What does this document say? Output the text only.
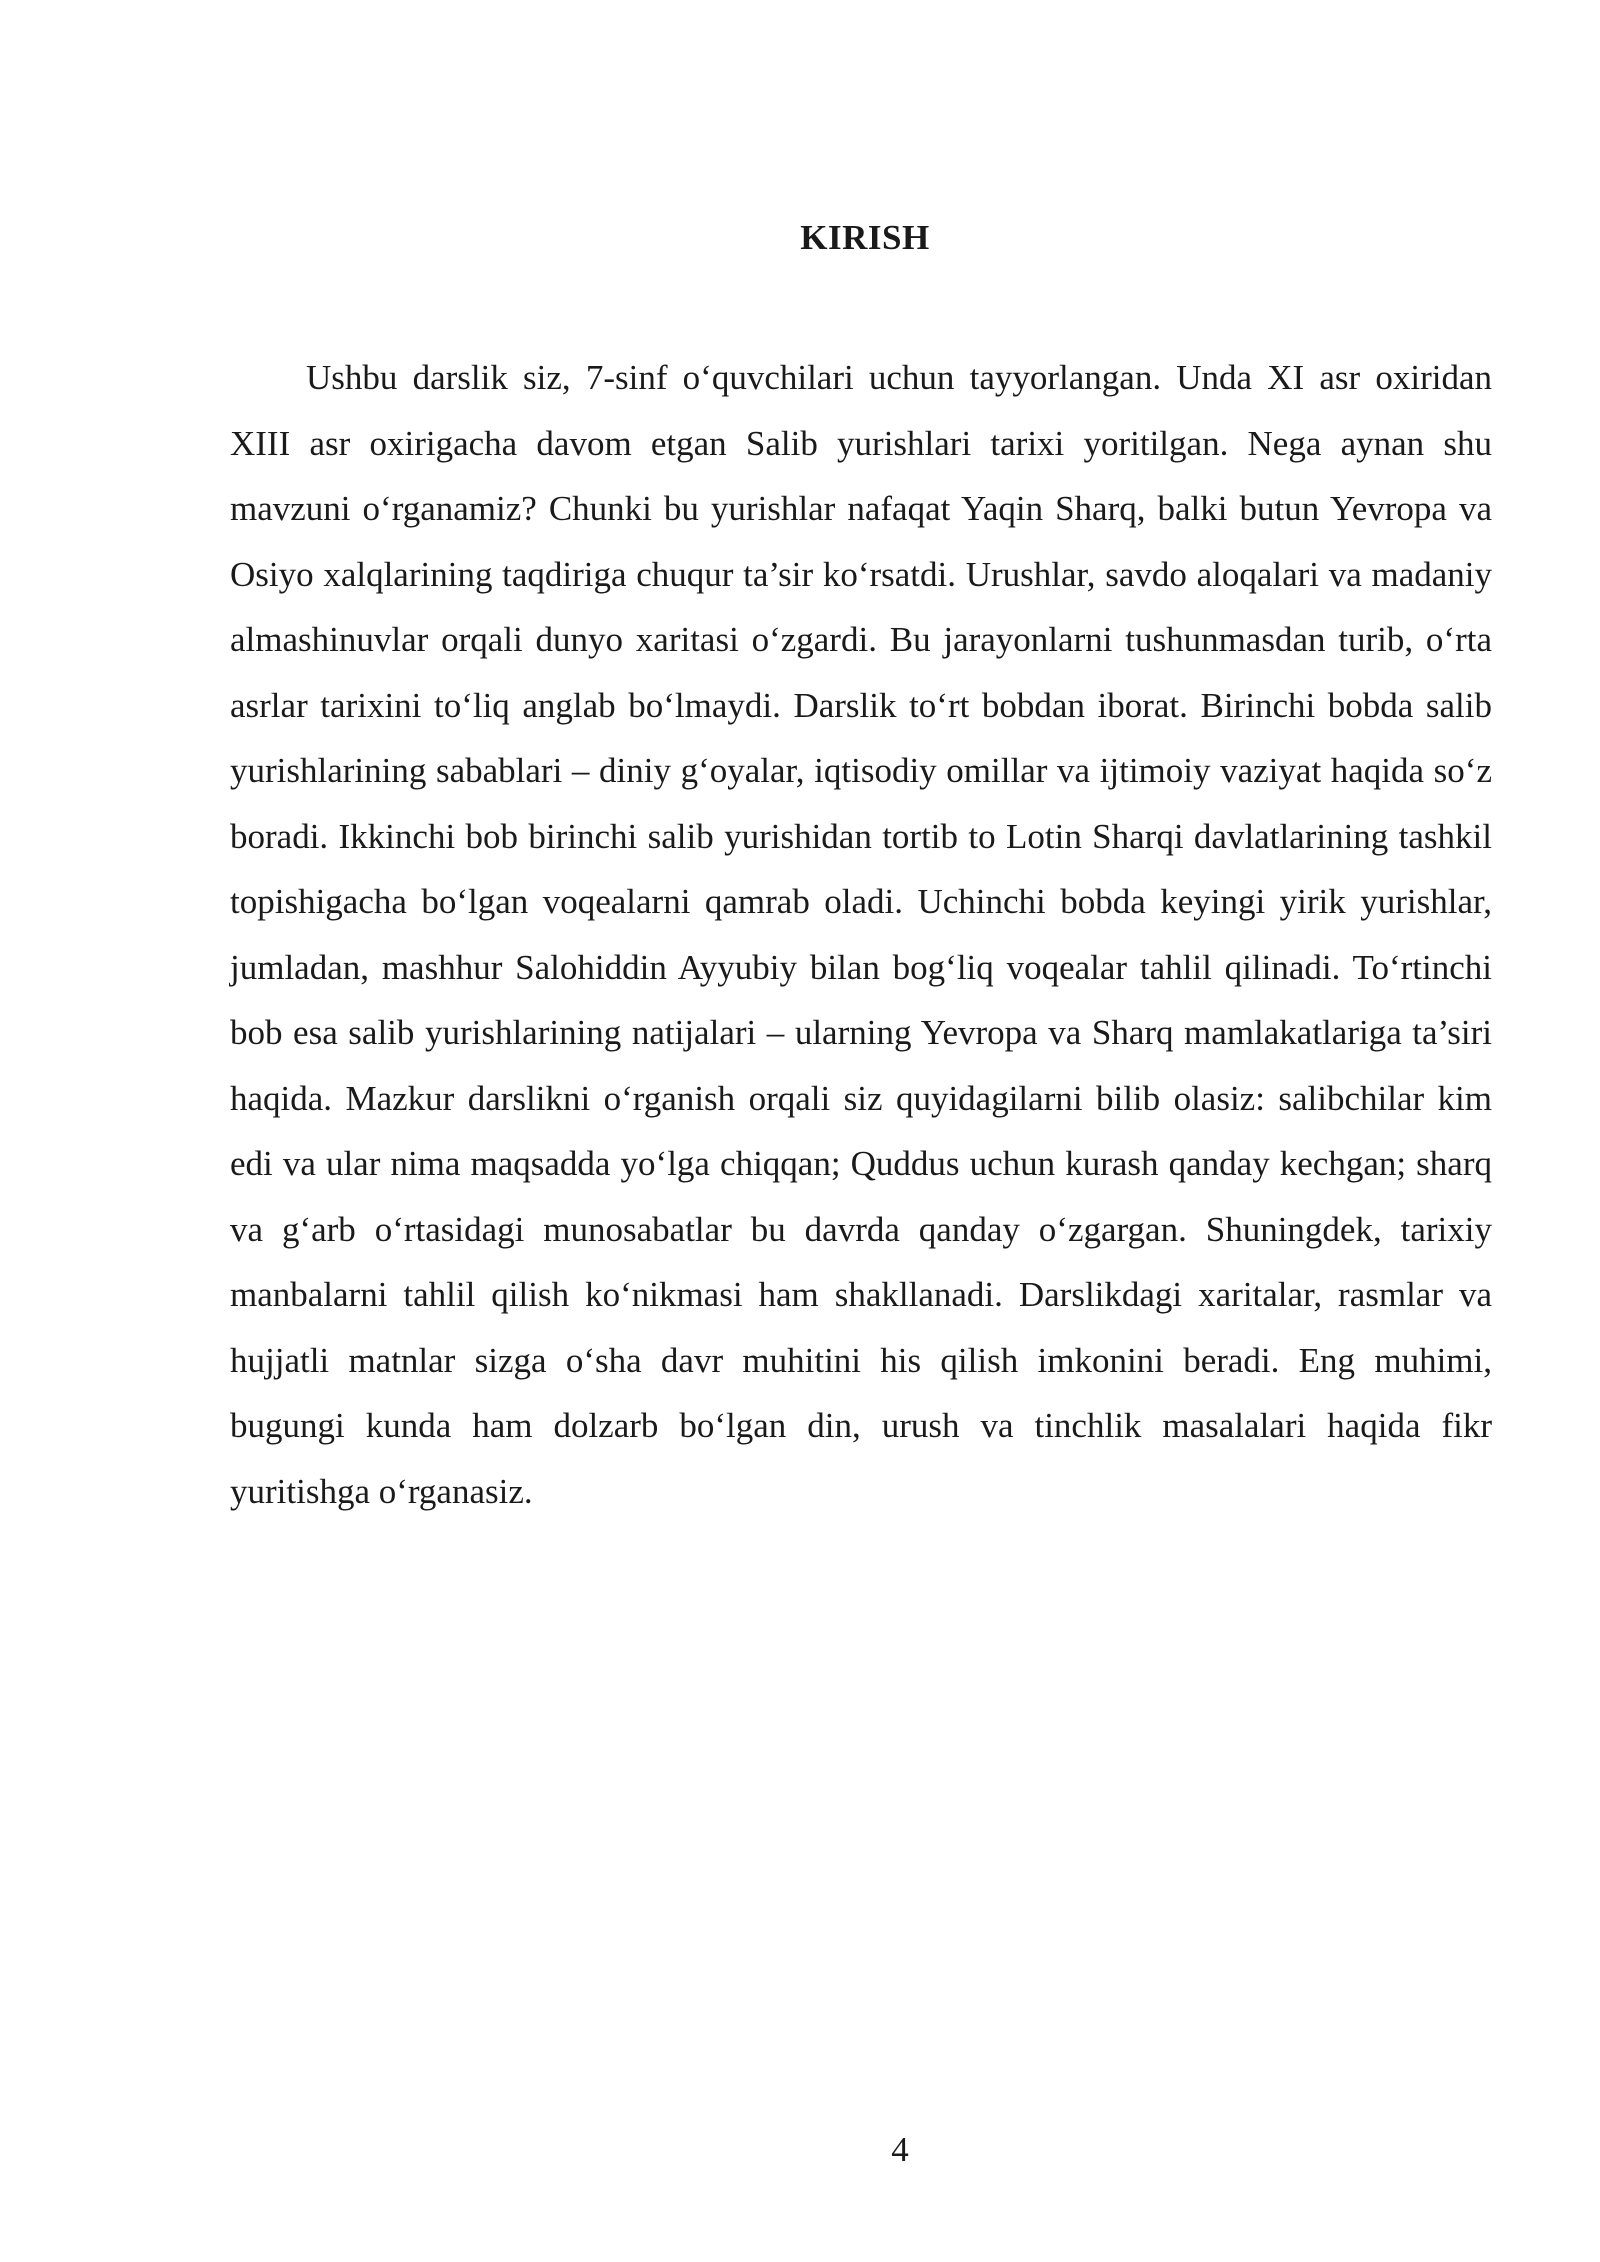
KIRISH

Ushbu darslik siz, 7-sinf o‘quvchilari uchun tayyorlangan. Unda XI asr oxiridan XIII asr oxirigacha davom etgan Salib yurishlari tarixi yoritilgan. Nega aynan shu mavzuni o‘rganamiz? Chunki bu yurishlar nafaqat Yaqin Sharq, balki butun Yevropa va Osiyo xalqlarining taqdiriga chuqur ta’sir ko‘rsatdi. Urushlar, savdo aloqalari va madaniy almashinuvlar orqali dunyo xaritasi o‘zgardi. Bu jarayonlarni tushunmasdan turib, o‘rta asrlar tarixini to‘liq anglab bo‘lmaydi. Darslik to‘rt bobdan iborat. Birinchi bobda salib yurishlarining sabablari – diniy g‘oyalar, iqtisodiy omillar va ijtimoiy vaziyat haqida so‘z boradi. Ikkinchi bob birinchi salib yurishidan tortib to Lotin Sharqi davlatlarining tashkil topishigacha bo‘lgan voqealarni qamrab oladi. Uchinchi bobda keyingi yirik yurishlar, jumladan, mashhur Salohiddin Ayyubiy bilan bog‘liq voqealar tahlil qilinadi. To‘rtinchi bob esa salib yurishlarining natijalari – ularning Yevropa va Sharq mamlakatlariga ta’siri haqida. Mazkur darslikni o‘rganish orqali siz quyidagilarni bilib olasiz: salibchilar kim edi va ular nima maqsadda yo‘lga chiqqan; Quddus uchun kurash qanday kechgan; sharq va g‘arb o‘rtasidagi munosabatlar bu davrda qanday o‘zgargan. Shuningdek, tarixiy manbalarni tahlil qilish ko‘nikmasi ham shakllanadi. Darslikdagi xaritalar, rasmlar va hujjatli matnlar sizga o‘sha davr muhitini his qilish imkonini beradi. Eng muhimi, bugungi kunda ham dolzarb bo‘lgan din, urush va tinchlik masalalari haqida fikr yuritishga o‘rganasiz.

4
